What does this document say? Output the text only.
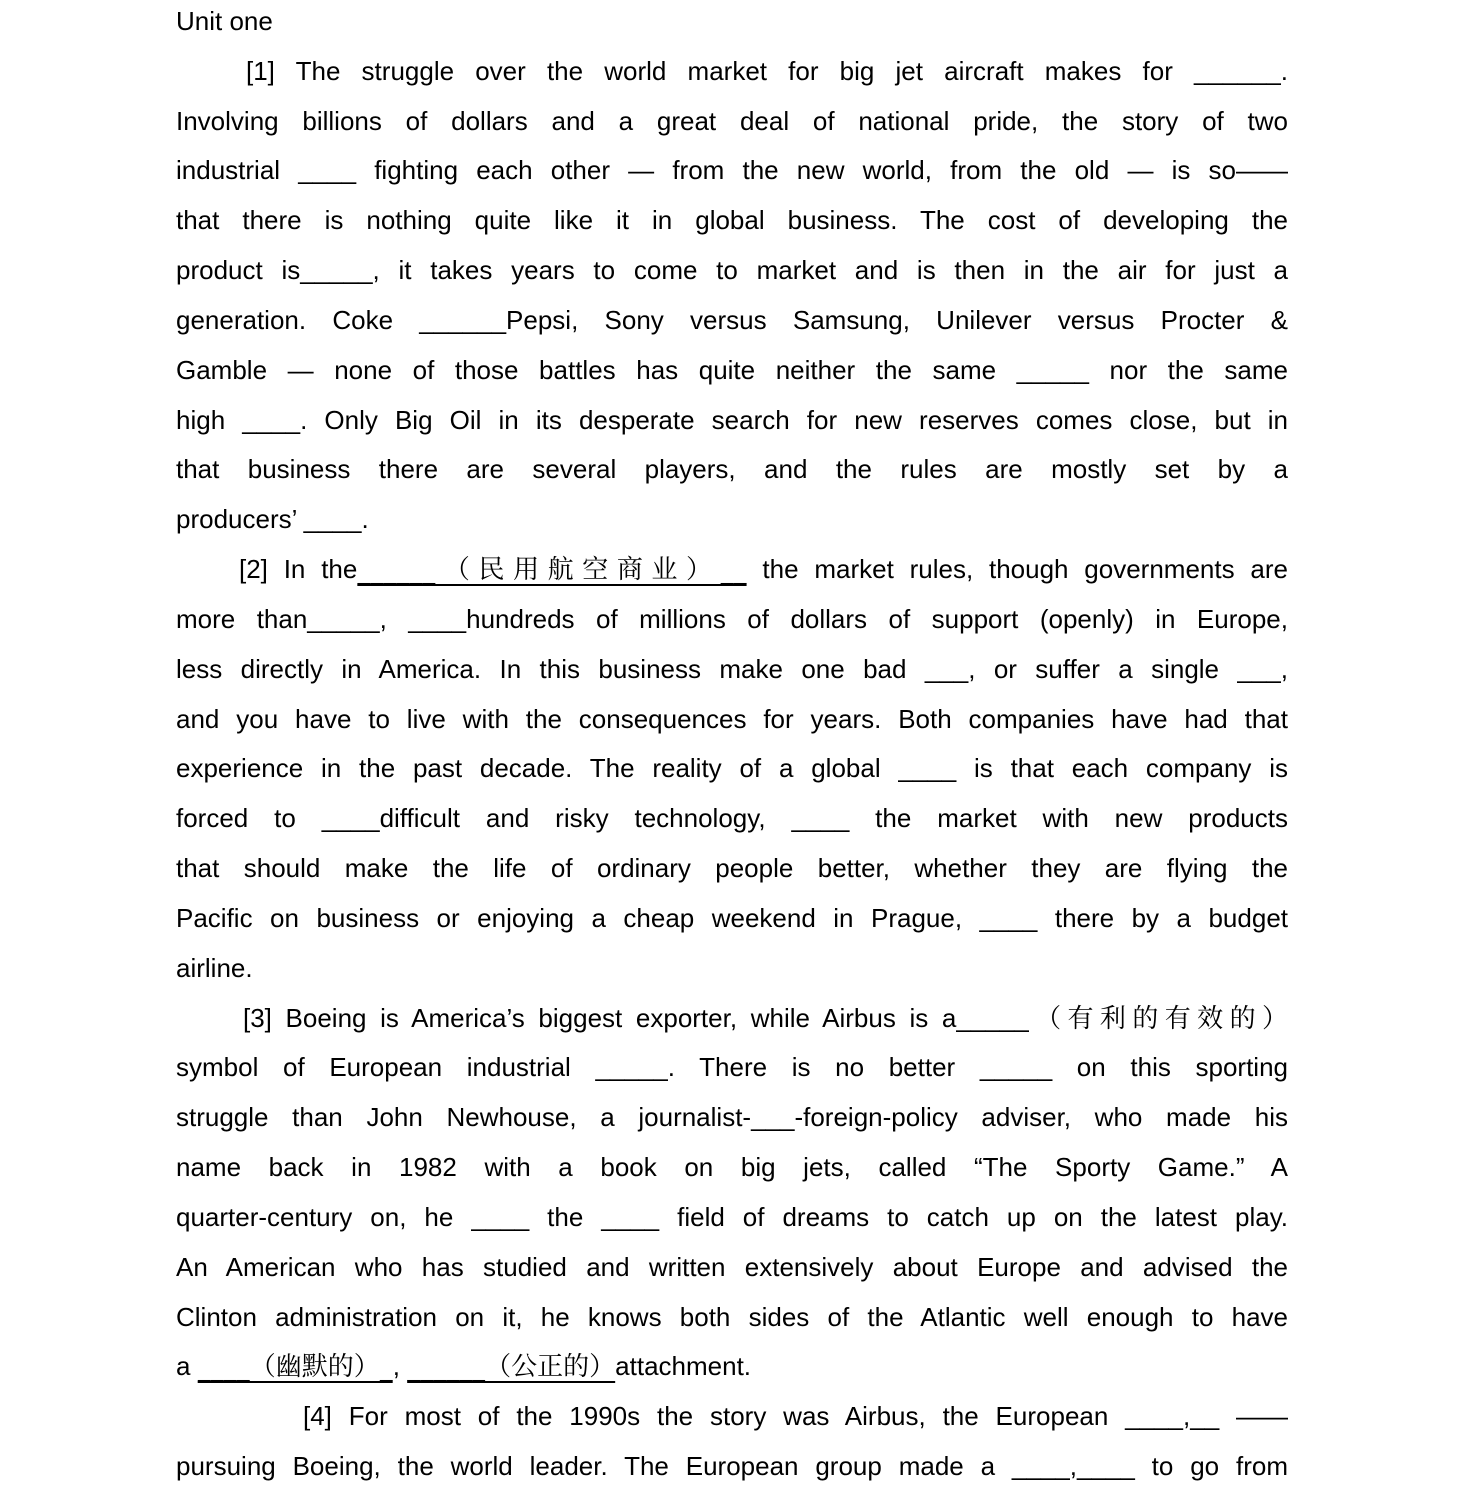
Unit one
[1] The struggle over the world market for big jet aircraft makes for ______.
Involving billions of dollars and a great deal of national pride, the story of two
industrial ____ fighting each other — from the new world, from the old — is so——
that there is nothing quite like it in global business. The cost of developing the
product is_____, it takes years to come to market and is then in the air for just a
generation. Coke ______Pepsi, Sony versus Samsung, Unilever versus Procter &
Gamble — none of those battles has quite neither the same _____ nor the same
high ____. Only Big Oil in its desperate search for new reserves comes close, but in
that business there are several players, and the rules are mostly set by a
producers’ ____.
[2] In the______（民用航空商业）__ the market rules, though governments are
more than_____, ____hundreds of millions of dollars of support (openly) in Europe,
less directly in America. In this business make one bad ___, or suffer a single ___,
and you have to live with the consequences for years. Both companies have had that
experience in the past decade. The reality of a global ____ is that each company is
forced to ____difficult and risky technology, ____ the market with new products
that should make the life of ordinary people better, whether they are flying the
Pacific on business or enjoying a cheap weekend in Prague, ____ there by a budget
airline.
[3] Boeing is America’s biggest exporter, while Airbus is a_____（有利的有效的）
symbol of European industrial _____. There is no better _____ on this sporting
struggle than John Newhouse, a journalist-___-foreign-policy adviser, who made his
name back in 1982 with a book on big jets, called “The Sporty Game.” A
quarter-century on, he ____ the ____ field of dreams to catch up on the latest play.
An American who has studied and written extensively about Europe and advised the
Clinton administration on it, he knows both sides of the Atlantic well enough to have
a ____（幽默的）_, ______（公正的）attachment.
[4] For most of the 1990s the story was Airbus, the European ____,__ ——
pursuing Boeing, the world leader. The European group made a ____,____ to go from
